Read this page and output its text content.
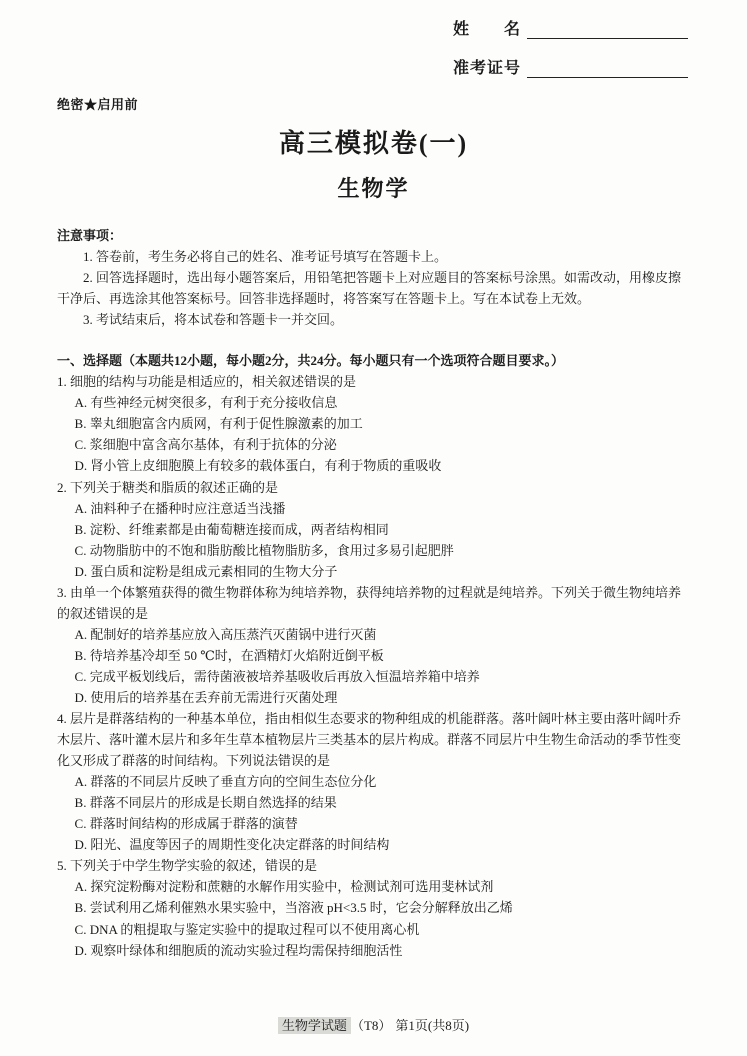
姓　　名
准考证号

绝密★启用前

高三模拟卷(一)
生物学

注意事项：

1. 答卷前，考生务必将自己的姓名、准考证号填写在答题卡上。

2. 回答选择题时，选出每小题答案后，用铅笔把答题卡上对应题目的答案标号涂黑。如需改动，用橡皮擦干净后、再选涂其他答案标号。回答非选择题时，将答案写在答题卡上。写在本试卷上无效。

3. 考试结束后，将本试卷和答题卡一并交回。

一、选择题（本题共12小题，每小题2分，共24分。每小题只有一个选项符合题目要求。）

1. 细胞的结构与功能是相适应的，相关叙述错误的是

A. 有些神经元树突很多，有利于充分接收信息

B. 睾丸细胞富含内质网，有利于促性腺激素的加工

C. 浆细胞中富含高尔基体，有利于抗体的分泌

D. 肾小管上皮细胞膜上有较多的载体蛋白，有利于物质的重吸收

2. 下列关于糖类和脂质的叙述正确的是

A. 油料种子在播种时应注意适当浅播

B. 淀粉、纤维素都是由葡萄糖连接而成，两者结构相同

C. 动物脂肪中的不饱和脂肪酸比植物脂肪多，食用过多易引起肥胖

D. 蛋白质和淀粉是组成元素相同的生物大分子

3. 由单一个体繁殖获得的微生物群体称为纯培养物，获得纯培养物的过程就是纯培养。下列关于微生物纯培养的叙述错误的是

A. 配制好的培养基应放入高压蒸汽灭菌锅中进行灭菌

B. 待培养基冷却至 50 ℃时，在酒精灯火焰附近倒平板

C. 完成平板划线后，需待菌液被培养基吸收后再放入恒温培养箱中培养

D. 使用后的培养基在丢弃前无需进行灭菌处理

4. 层片是群落结构的一种基本单位，指由相似生态要求的物种组成的机能群落。落叶阔叶林主要由落叶阔叶乔木层片、落叶灌木层片和多年生草本植物层片三类基本的层片构成。群落不同层片中生物生命活动的季节性变化又形成了群落的时间结构。下列说法错误的是

A. 群落的不同层片反映了垂直方向的空间生态位分化

B. 群落不同层片的形成是长期自然选择的结果

C. 群落时间结构的形成属于群落的演替

D. 阳光、温度等因子的周期性变化决定群落的时间结构

5. 下列关于中学生物学实验的叙述，错误的是

A. 探究淀粉酶对淀粉和蔗糖的水解作用实验中，检测试剂可选用斐林试剂

B. 尝试利用乙烯利催熟水果实验中，当溶液 pH<3.5 时，它会分解释放出乙烯

C. DNA 的粗提取与鉴定实验中的提取过程可以不使用离心机

D. 观察叶绿体和细胞质的流动实验过程均需保持细胞活性

生物学试题 （T8） 第1页(共8页)
